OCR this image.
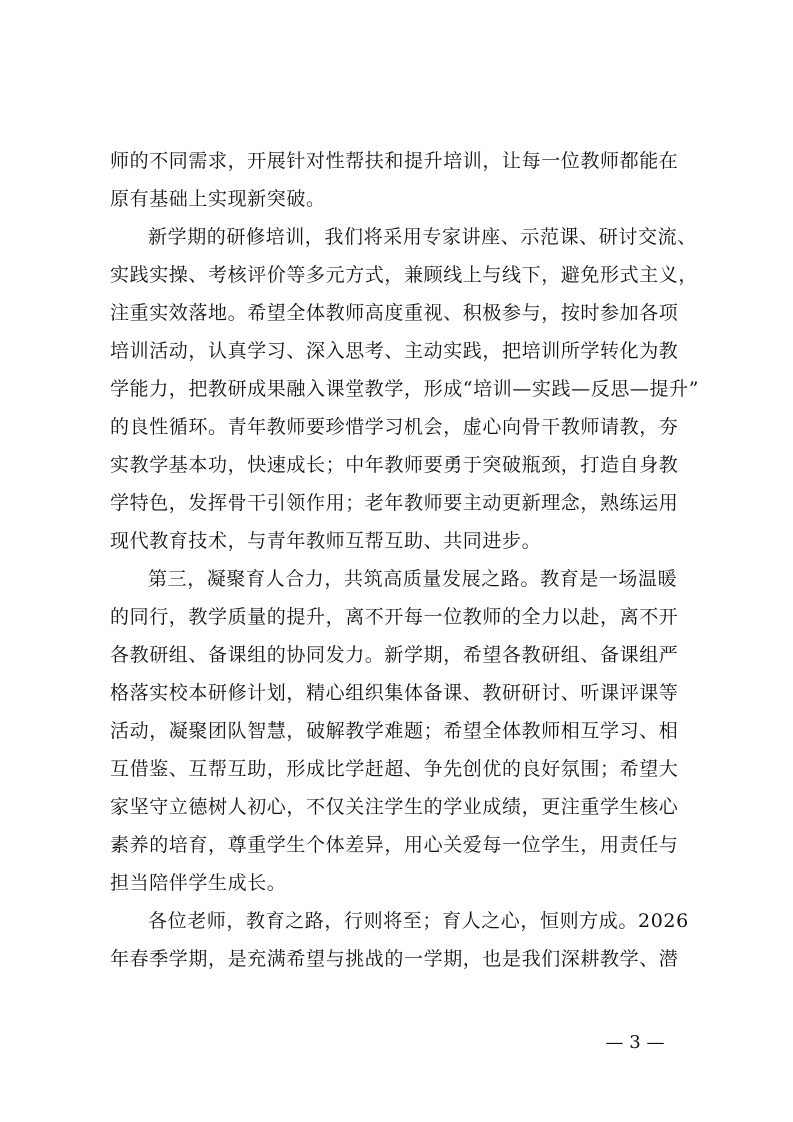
师的不同需求，开展针对性帮扶和提升培训，让每一位教师都能在
原有基础上实现新突破。
新学期的研修培训，我们将采用专家讲座、示范课、研讨交流、
实践实操、考核评价等多元方式，兼顾线上与线下，避免形式主义，
注重实效落地。希望全体教师高度重视、积极参与，按时参加各项
培训活动，认真学习、深入思考、主动实践，把培训所学转化为教
学能力，把教研成果融入课堂教学，形成“培训—实践—反思—提升”
的良性循环。青年教师要珍惜学习机会，虚心向骨干教师请教，夯
实教学基本功，快速成长；中年教师要勇于突破瓶颈，打造自身教
学特色，发挥骨干引领作用；老年教师要主动更新理念，熟练运用
现代教育技术，与青年教师互帮互助、共同进步。
第三，凝聚育人合力，共筑高质量发展之路。教育是一场温暖
的同行，教学质量的提升，离不开每一位教师的全力以赴，离不开
各教研组、备课组的协同发力。新学期，希望各教研组、备课组严
格落实校本研修计划，精心组织集体备课、教研研讨、听课评课等
活动，凝聚团队智慧，破解教学难题；希望全体教师相互学习、相
互借鉴、互帮互助，形成比学赶超、争先创优的良好氛围；希望大
家坚守立德树人初心，不仅关注学生的学业成绩，更注重学生核心
素养的培育，尊重学生个体差异，用心关爱每一位学生，用责任与
担当陪伴学生成长。
各位老师，教育之路，行则将至；育人之心，恒则方成。2026
年春季学期，是充满希望与挑战的一学期，也是我们深耕教学、潜
— 3 —
